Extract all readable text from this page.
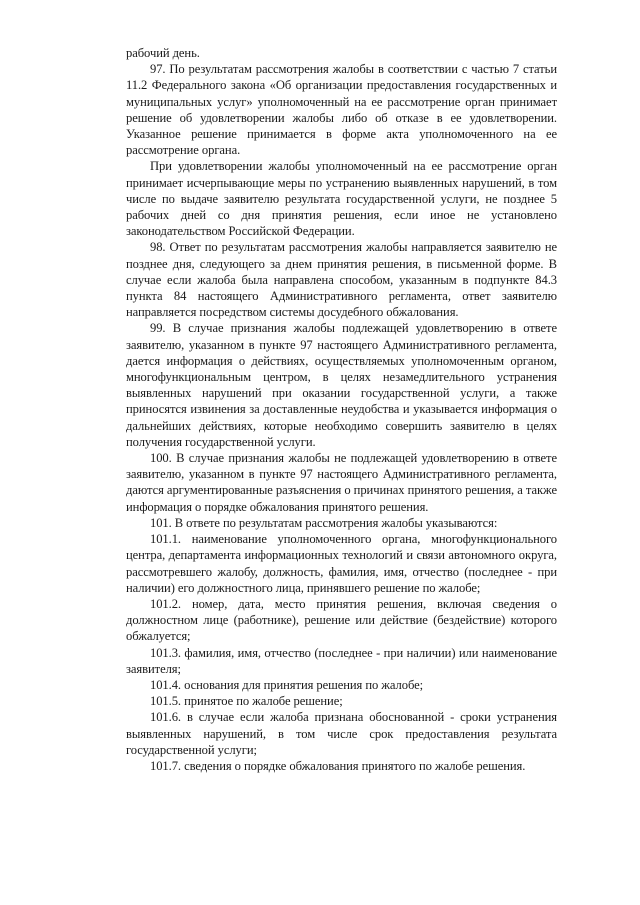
рабочий день.

97. По результатам рассмотрения жалобы в соответствии с частью 7 статьи 11.2 Федерального закона «Об организации предоставления государственных и муниципальных услуг» уполномоченный на ее рассмотрение орган принимает решение об удовлетворении жалобы либо об отказе в ее удовлетворении. Указанное решение принимается в форме акта уполномоченного на ее рассмотрение органа.

При удовлетворении жалобы уполномоченный на ее рассмотрение орган принимает исчерпывающие меры по устранению выявленных нарушений, в том числе по выдаче заявителю результата государственной услуги, не позднее 5 рабочих дней со дня принятия решения, если иное не установлено законодательством Российской Федерации.

98. Ответ по результатам рассмотрения жалобы направляется заявителю не позднее дня, следующего за днем принятия решения, в письменной форме. В случае если жалоба была направлена способом, указанным в подпункте 84.3 пункта 84 настоящего Административного регламента, ответ заявителю направляется посредством системы досудебного обжалования.

99. В случае признания жалобы подлежащей удовлетворению в ответе заявителю, указанном в пункте 97 настоящего Административного регламента, дается информация о действиях, осуществляемых уполномоченным органом, многофункциональным центром, в целях незамедлительного устранения выявленных нарушений при оказании государственной услуги, а также приносятся извинения за доставленные неудобства и указывается информация о дальнейших действиях, которые необходимо совершить заявителю в целях получения государственной услуги.

100. В случае признания жалобы не подлежащей удовлетворению в ответе заявителю, указанном в пункте 97 настоящего Административного регламента, даются аргументированные разъяснения о причинах принятого решения, а также информация о порядке обжалования принятого решения.

101. В ответе по результатам рассмотрения жалобы указываются:

101.1. наименование уполномоченного органа, многофункционального центра, департамента информационных технологий и связи автономного округа, рассмотревшего жалобу, должность, фамилия, имя, отчество (последнее - при наличии) его должностного лица, принявшего решение по жалобе;

101.2. номер, дата, место принятия решения, включая сведения о должностном лице (работнике), решение или действие (бездействие) которого обжалуется;

101.3. фамилия, имя, отчество (последнее - при наличии) или наименование заявителя;

101.4. основания для принятия решения по жалобе;

101.5. принятое по жалобе решение;

101.6. в случае если жалоба признана обоснованной - сроки устранения выявленных нарушений, в том числе срок предоставления результата государственной услуги;

101.7. сведения о порядке обжалования принятого по жалобе решения.
